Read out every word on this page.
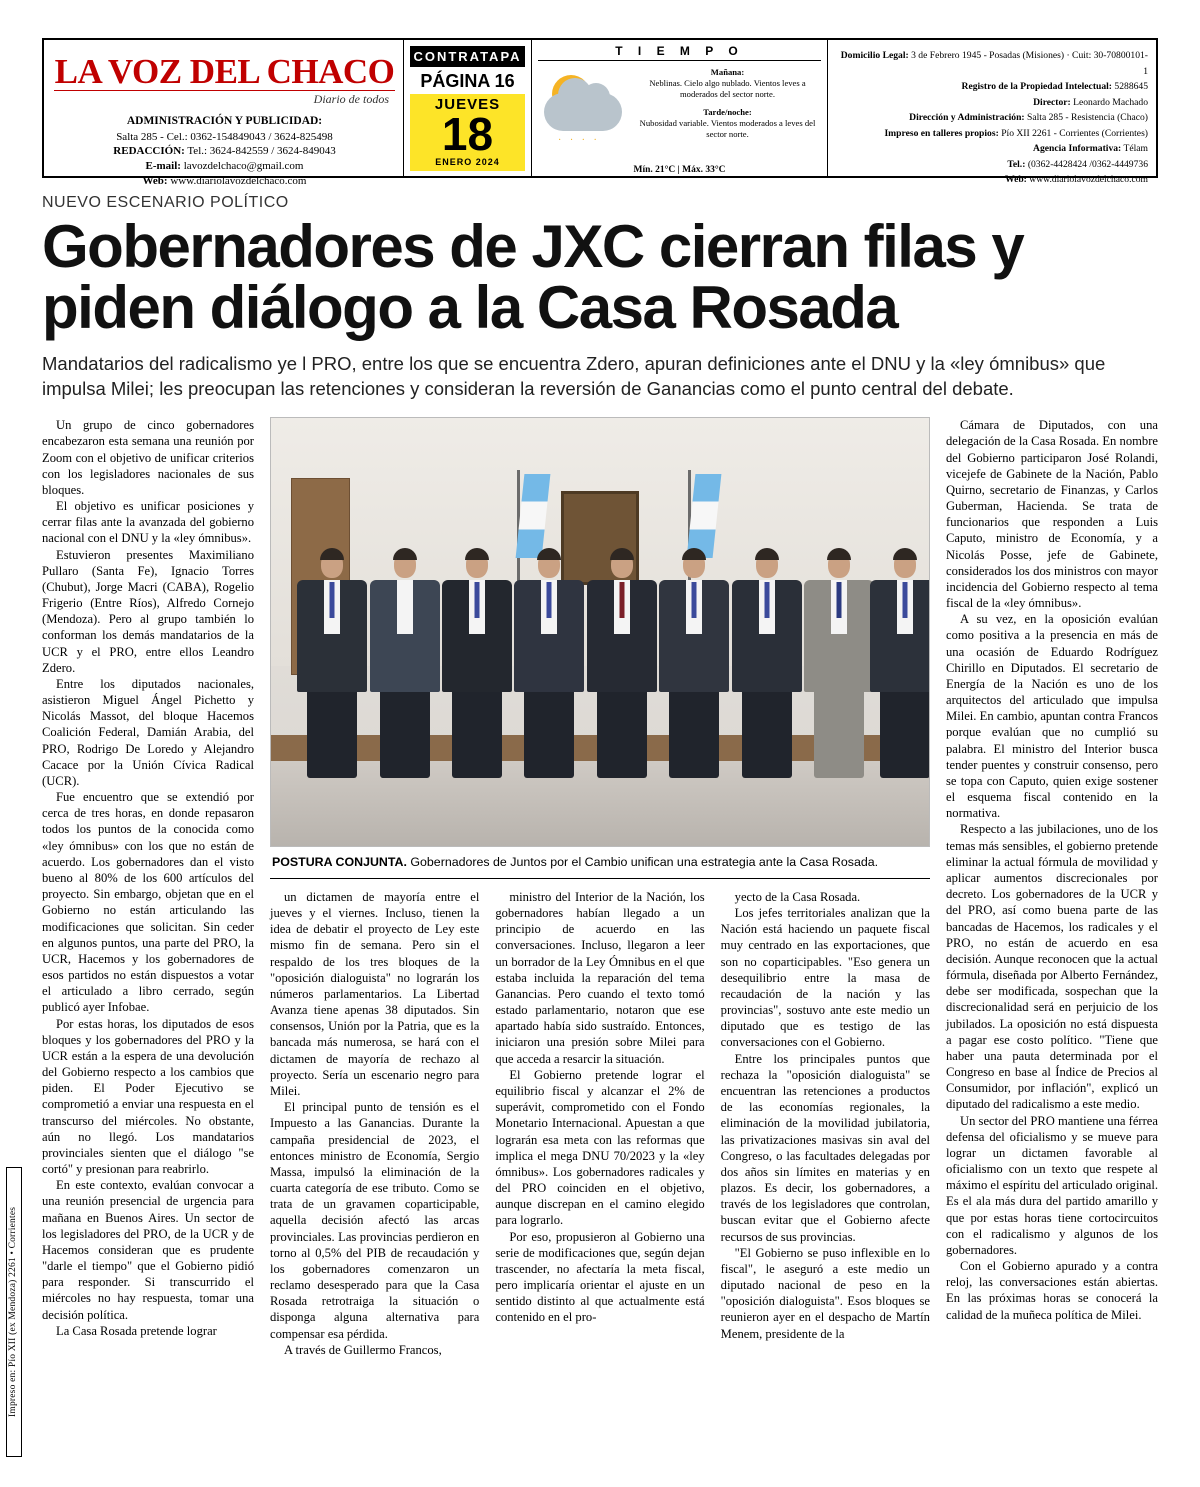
Impreso en: Pío XII (ex Mendoza) 2261 • Corrientes
LA VOZ DEL CHACO
Diario de todos
ADMINISTRACIÓN Y PUBLICIDAD:
Salta 285 - Cel.: 0362-154849043 / 3624-825498
REDACCIÓN: Tel.: 3624-842559 / 3624-849043
E-mail: lavozdelchaco@gmail.com
Web: www.diariolavozdelchaco.com
CONTRATAPA
PÁGINA 16
JUEVES
18
ENERO 2024
T I E M P O
· · · ·

Mañana:
Neblinas. Cielo algo nublado. Vientos leves a moderados del sector norte.

Tarde/noche:
Nubosidad variable. Vientos moderados a leves del sector norte.

Mín. 21°C | Máx. 33°C
Domicilio Legal: 3 de Febrero 1945 - Posadas (Misiones) · Cuit: 30-70800101-1
Registro de la Propiedad Intelectual: 5288645
Director: Leonardo Machado
Dirección y Administración: Salta 285 - Resistencia (Chaco)
Impreso en talleres propios: Pío XII 2261 - Corrientes (Corrientes)
Agencia Informativa: Télam
Tel.: (0362-4428424 /0362-4449736
Web: www.diariolavozdelchaco.com
NUEVO ESCENARIO POLÍTICO
Gobernadores de JXC cierran filas y piden diálogo a la Casa Rosada
Mandatarios del radicalismo ye l PRO, entre los que se encuentra Zdero, apuran definiciones ante el DNU y la «ley ómnibus» que impulsa Milei; les preocupan las retenciones y consideran la reversión de Ganancias como el punto central del debate.

Un grupo de cinco gobernadores encabezaron esta semana una reunión por Zoom con el objetivo de unificar criterios con los legisladores nacionales de sus bloques.

El objetivo es unificar posiciones y cerrar filas ante la avanzada del gobierno nacional con el DNU y la «ley ómnibus».

Estuvieron presentes Maximiliano Pullaro (Santa Fe), Ignacio Torres (Chubut), Jorge Macri (CABA), Rogelio Frigerio (Entre Ríos), Alfredo Cornejo (Mendoza). Pero al grupo también lo conforman los demás mandatarios de la UCR y el PRO, entre ellos Leandro Zdero.

Entre los diputados nacionales, asistieron Miguel Ángel Pichetto y Nicolás Massot, del bloque Hacemos Coalición Federal, Damián Arabia, del PRO, Rodrigo De Loredo y Alejandro Cacace por la Unión Cívica Radical (UCR).

Fue encuentro que se extendió por cerca de tres horas, en donde repasaron todos los puntos de la conocida como «ley ómnibus» con los que no están de acuerdo. Los gobernadores dan el visto bueno al 80% de los 600 artículos del proyecto. Sin embargo, objetan que en el Gobierno no están articulando las modificaciones que solicitan. Sin ceder en algunos puntos, una parte del PRO, la UCR, Hacemos y los gobernadores de esos partidos no están dispuestos a votar el articulado a libro cerrado, según publicó ayer Infobae.

Por estas horas, los diputados de esos bloques y los gobernadores del PRO y la UCR están a la espera de una devolución del Gobierno respecto a los cambios que piden. El Poder Ejecutivo se comprometió a enviar una respuesta en el transcurso del miércoles. No obstante, aún no llegó. Los mandatarios provinciales sienten que el diálogo "se cortó" y presionan para reabrirlo.

En este contexto, evalúan convocar a una reunión presencial de urgencia para mañana en Buenos Aires. Un sector de los legisladores del PRO, de la UCR y de Hacemos consideran que es prudente "darle el tiempo" que el Gobierno pidió para responder. Si transcurrido el miércoles no hay respuesta, tomar una decisión política.

La Casa Rosada pretende lograr

POSTURA CONJUNTA. Gobernadores de Juntos por el Cambio unifican una estrategia ante la Casa Rosada.

un dictamen de mayoría entre el jueves y el viernes. Incluso, tienen la idea de debatir el proyecto de Ley este mismo fin de semana. Pero sin el respaldo de los tres bloques de la "oposición dialoguista" no lograrán los números parlamentarios. La Libertad Avanza tiene apenas 38 diputados. Sin consensos, Unión por la Patria, que es la bancada más numerosa, se hará con el dictamen de mayoría de rechazo al proyecto. Sería un escenario negro para Milei.

El principal punto de tensión es el Impuesto a las Ganancias. Durante la campaña presidencial de 2023, el entonces ministro de Economía, Sergio Massa, impulsó la eliminación de la cuarta categoría de ese tributo. Como se trata de un gravamen coparticipable, aquella decisión afectó las arcas provinciales. Las provincias perdieron en torno al 0,5% del PIB de recaudación y los gobernadores comenzaron un reclamo desesperado para que la Casa Rosada retrotraiga la situación o disponga alguna alternativa para compensar esa pérdida.

A través de Guillermo Francos,

ministro del Interior de la Nación, los gobernadores habían llegado a un principio de acuerdo en las conversaciones. Incluso, llegaron a leer un borrador de la Ley Ómnibus en el que estaba incluida la reparación del tema Ganancias. Pero cuando el texto tomó estado parlamentario, notaron que ese apartado había sido sustraído. Entonces, iniciaron una presión sobre Milei para que acceda a resarcir la situación.

El Gobierno pretende lograr el equilibrio fiscal y alcanzar el 2% de superávit, comprometido con el Fondo Monetario Internacional. Apuestan a que lograrán esa meta con las reformas que implica el mega DNU 70/2023 y la «ley ómnibus». Los gobernadores radicales y del PRO coinciden en el objetivo, aunque discrepan en el camino elegido para lograrlo.

Por eso, propusieron al Gobierno una serie de modificaciones que, según dejan trascender, no afectaría la meta fiscal, pero implicaría orientar el ajuste en un sentido distinto al que actualmente está contenido en el pro-

yecto de la Casa Rosada.

Los jefes territoriales analizan que la Nación está haciendo un paquete fiscal muy centrado en las exportaciones, que son no coparticipables. "Eso genera un desequilibrio entre la masa de recaudación de la nación y las provincias", sostuvo ante este medio un diputado que es testigo de las conversaciones con el Gobierno.

Entre los principales puntos que rechaza la "oposición dialoguista" se encuentran las retenciones a productos de las economías regionales, la eliminación de la movilidad jubilatoria, las privatizaciones masivas sin aval del Congreso, o las facultades delegadas por dos años sin límites en materias y en plazos. Es decir, los gobernadores, a través de los legisladores que controlan, buscan evitar que el Gobierno afecte recursos de sus provincias.

"El Gobierno se puso inflexible en lo fiscal", le aseguró a este medio un diputado nacional de peso en la "oposición dialoguista". Esos bloques se reunieron ayer en el despacho de Martín Menem, presidente de la

Cámara de Diputados, con una delegación de la Casa Rosada. En nombre del Gobierno participaron José Rolandi, vicejefe de Gabinete de la Nación, Pablo Quirno, secretario de Finanzas, y Carlos Guberman, Hacienda. Se trata de funcionarios que responden a Luis Caputo, ministro de Economía, y a Nicolás Posse, jefe de Gabinete, considerados los dos ministros con mayor incidencia del Gobierno respecto al tema fiscal de la «ley ómnibus».

A su vez, en la oposición evalúan como positiva a la presencia en más de una ocasión de Eduardo Rodríguez Chirillo en Diputados. El secretario de Energía de la Nación es uno de los arquitectos del articulado que impulsa Milei. En cambio, apuntan contra Francos porque evalúan que no cumplió su palabra. El ministro del Interior busca tender puentes y construir consenso, pero se topa con Caputo, quien exige sostener el esquema fiscal contenido en la normativa.

Respecto a las jubilaciones, uno de los temas más sensibles, el gobierno pretende eliminar la actual fórmula de movilidad y aplicar aumentos discrecionales por decreto. Los gobernadores de la UCR y del PRO, así como buena parte de las bancadas de Hacemos, los radicales y el PRO, no están de acuerdo en esa decisión. Aunque reconocen que la actual fórmula, diseñada por Alberto Fernández, debe ser modificada, sospechan que la discrecionalidad será en perjuicio de los jubilados. La oposición no está dispuesta a pagar ese costo político. "Tiene que haber una pauta determinada por el Congreso en base al Índice de Precios al Consumidor, por inflación", explicó un diputado del radicalismo a este medio.

Un sector del PRO mantiene una férrea defensa del oficialismo y se mueve para lograr un dictamen favorable al oficialismo con un texto que respete al máximo el espíritu del articulado original. Es el ala más dura del partido amarillo y que por estas horas tiene cortocircuitos con el radicalismo y algunos de los gobernadores.

Con el Gobierno apurado y a contra reloj, las conversaciones están abiertas. En las próximas horas se conocerá la calidad de la muñeca política de Milei.
